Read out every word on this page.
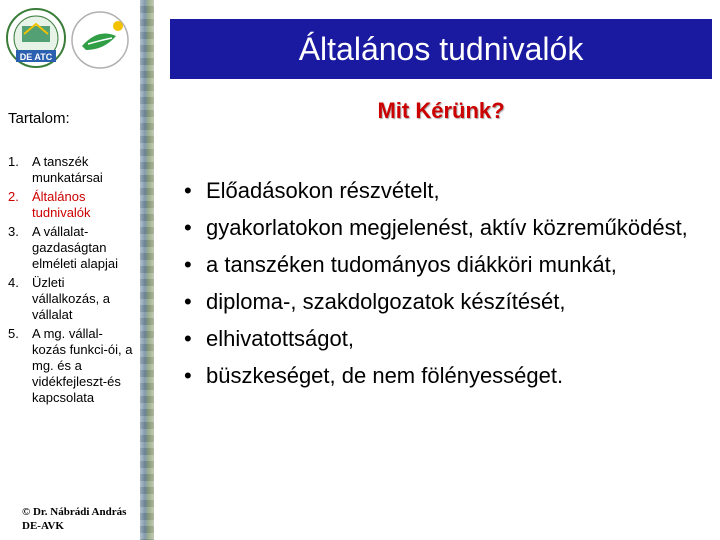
DE ATC	Általános tudnivalók
Tartalom:
1. A tanszék munkatársai
2. Általános tudnivalók
3. A vállalat-gazdaságtan elméleti alapjai
4. Üzleti vállalkozás, a vállalat
5. A mg. vállal-kozás funkci-ói, a mg. és a vidékfejleszt-és kapcsolata
© Dr. Nábrádi András DE-AVK
Mit Kérünk?
• Előadásokon részvételt,
• gyakorlatokon megjelenést, aktív közreműködést,
• a tanszéken tudományos diákköri munkát,
• diploma-, szakdolgozatok készítését,
• elhivatottságot,
• büszkeséget, de nem fölényességet.
